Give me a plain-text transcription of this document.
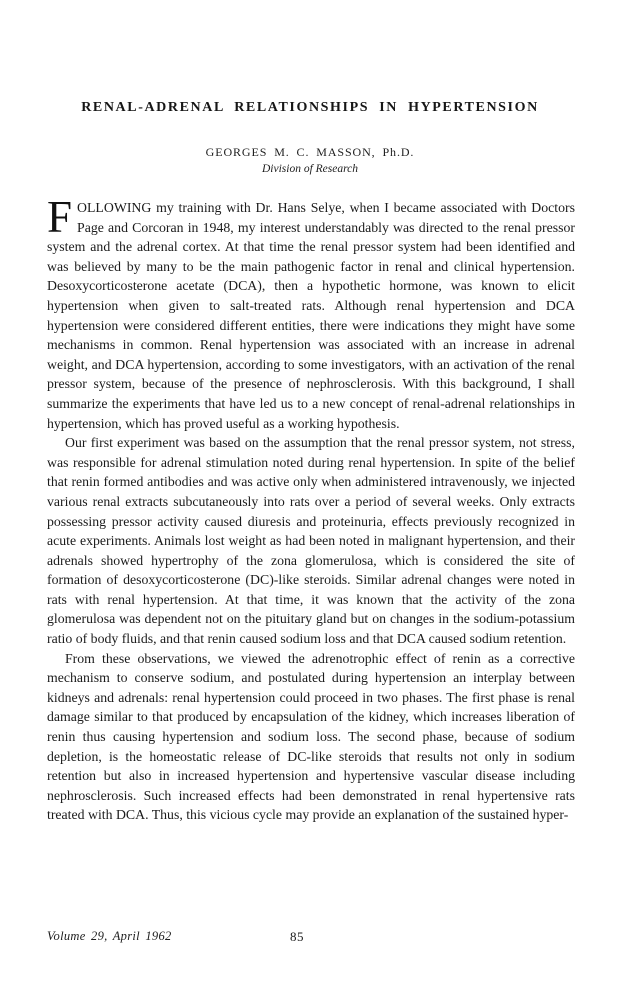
RENAL-ADRENAL RELATIONSHIPS IN HYPERTENSION
GEORGES M. C. MASSON, Ph.D.
Division of Research

FOLLOWING my training with Dr. Hans Selye, when I became associated with Doctors Page and Corcoran in 1948, my interest understandably was directed to the renal pressor system and the adrenal cortex. At that time the renal pressor system had been identified and was believed by many to be the main pathogenic factor in renal and clinical hypertension. Desoxycorticosterone acetate (DCA), then a hypothetic hormone, was known to elicit hypertension when given to salt-treated rats. Although renal hypertension and DCA hypertension were considered different entities, there were indications they might have some mechanisms in common. Renal hypertension was associated with an increase in adrenal weight, and DCA hypertension, according to some investigators, with an activation of the renal pressor system, because of the presence of nephrosclerosis. With this background, I shall summarize the experiments that have led us to a new concept of renal-adrenal relationships in hypertension, which has proved useful as a working hypothesis.

Our first experiment was based on the assumption that the renal pressor system, not stress, was responsible for adrenal stimulation noted during renal hypertension. In spite of the belief that renin formed antibodies and was active only when administered intravenously, we injected various renal extracts subcutaneously into rats over a period of several weeks. Only extracts possessing pressor activity caused diuresis and proteinuria, effects previously recognized in acute experiments. Animals lost weight as had been noted in malignant hypertension, and their adrenals showed hypertrophy of the zona glomerulosa, which is considered the site of formation of desoxycorticosterone (DC)-like steroids. Similar adrenal changes were noted in rats with renal hypertension. At that time, it was known that the activity of the zona glomerulosa was dependent not on the pituitary gland but on changes in the sodium-potassium ratio of body fluids, and that renin caused sodium loss and that DCA caused sodium retention.

From these observations, we viewed the adrenotrophic effect of renin as a corrective mechanism to conserve sodium, and postulated during hypertension an interplay between kidneys and adrenals: renal hypertension could proceed in two phases. The first phase is renal damage similar to that produced by encapsulation of the kidney, which increases liberation of renin thus causing hypertension and sodium loss. The second phase, because of sodium depletion, is the homeostatic release of DC-like steroids that results not only in sodium retention but also in increased hypertension and hypertensive vascular disease including nephrosclerosis. Such increased effects had been demonstrated in renal hypertensive rats treated with DCA. Thus, this vicious cycle may provide an explanation of the sustained hyper-

Volume 29, April 1962	85
